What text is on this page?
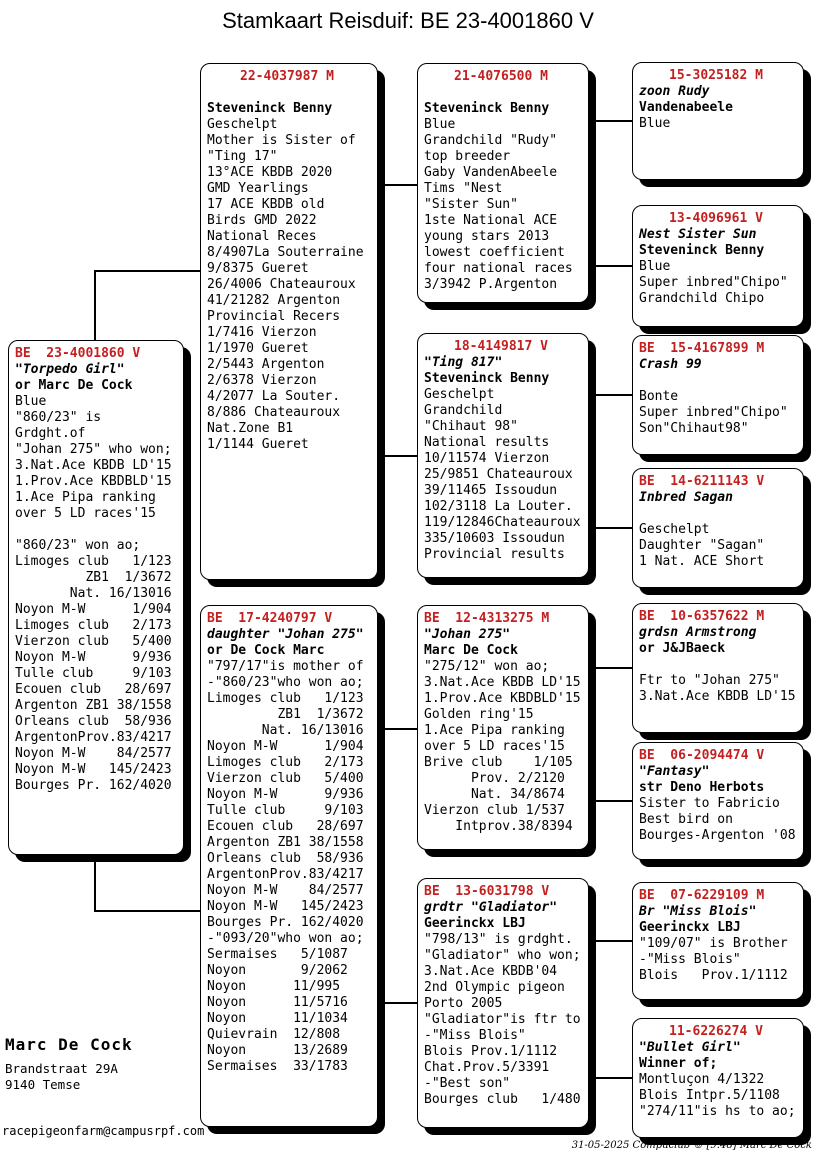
Stamkaart Reisduif: BE 23-4001860 V
BE  23-4001860 V
"Torpedo Girl"
or Marc De Cock
Blue
"860/23" is
Grdght.of
"Johan 275" who won;
3.Nat.Ace KBDB LD'15
1.Prov.Ace KBDBLD'15
1.Ace Pipa ranking
over 5 LD races'15

"860/23" won ao;
Limoges club   1/123
ZB1  1/3672
Nat. 16/13016
Noyon M-W      1/904
Limoges club   2/173
Vierzon club   5/400
Noyon M-W      9/936
Tulle club     9/103
Ecouen club   28/697
Argenton ZB1 38/1558
Orleans club  58/936
ArgentonProv.83/4217
Noyon M-W    84/2577
Noyon M-W   145/2423
Bourges Pr. 162/4020
22-4037987 M

Steveninck Benny
Geschelpt
Mother is Sister of
"Ting 17"
13°ACE KBDB 2020
GMD Yearlings
17 ACE KBDB old
Birds GMD 2022
National Reces
8/4907La Souterraine
9/8375 Gueret
26/4006 Chateauroux
41/21282 Argenton
Provincial Recers
1/7416 Vierzon
1/1970 Gueret
2/5443 Argenton
2/6378 Vierzon
4/2077 La Souter.
8/886 Chateauroux
Nat.Zone B1
1/1144 Gueret
BE  17-4240797 V
daughter "Johan 275"
or De Cock Marc
"797/17"is mother of
-"860/23"who won ao;
Limoges club   1/123
ZB1  1/3672
Nat. 16/13016
Noyon M-W      1/904
Limoges club   2/173
Vierzon club   5/400
Noyon M-W      9/936
Tulle club     9/103
Ecouen club   28/697
Argenton ZB1 38/1558
Orleans club  58/936
ArgentonProv.83/4217
Noyon M-W    84/2577
Noyon M-W   145/2423
Bourges Pr. 162/4020
-"093/20"who won ao;
Sermaises   5/1087
Noyon       9/2062
Noyon      11/995
Noyon      11/5716
Noyon      11/1034
Quievrain  12/808
Noyon      13/2689
Sermaises  33/1783
21-4076500 M

Steveninck Benny
Blue
Grandchild "Rudy"
top breeder
Gaby VandenAbeele
Tims "Nest
"Sister Sun"
1ste National ACE
young stars 2013
lowest coefficient
four national races
3/3942 P.Argenton
18-4149817 V
"Ting 817"
Steveninck Benny
Geschelpt
Grandchild
"Chihaut 98"
National results
10/11574 Vierzon
25/9851 Chateauroux
39/11465 Issoudun
102/3118 La Louter.
119/12846Chateauroux
335/10603 Issoudun
Provincial results
BE  12-4313275 M
"Johan 275"
Marc De Cock
"275/12" won ao;
3.Nat.Ace KBDB LD'15
1.Prov.Ace KBDBLD'15
Golden ring'15
1.Ace Pipa ranking
over 5 LD races'15
Brive club    1/105
Prov. 2/2120
Nat. 34/8674
Vierzon club 1/537
Intprov.38/8394
BE  13-6031798 V
grdtr "Gladiator"
Geerinckx LBJ
"798/13" is grdght.
"Gladiator" who won;
3.Nat.Ace KBDB'04
2nd Olympic pigeon
Porto 2005
"Gladiator"is ftr to
-"Miss Blois"
Blois Prov.1/1112
Chat.Prov.5/3391
-"Best son"
Bourges club   1/480
15-3025182 M
zoon Rudy
Vandenabeele
Blue
13-4096961 V
Nest Sister Sun
Steveninck Benny
Blue
Super inbred"Chipo"
Grandchild Chipo
BE  15-4167899 M
Crash 99

Bonte
Super inbred"Chipo"
Son"Chihaut98"
BE  14-6211143 V
Inbred Sagan

Geschelpt
Daughter "Sagan"
1 Nat. ACE Short
BE  10-6357622 M
grdsn Armstrong
or J&JBaeck

Ftr to "Johan 275"
3.Nat.Ace KBDB LD'15
BE  06-2094474 V
"Fantasy"
str Deno Herbots
Sister to Fabricio
Best bird on
Bourges-Argenton '08
BE  07-6229109 M
Br "Miss Blois"
Geerinckx LBJ
"109/07" is Brother
-"Miss Blois"
Blois   Prov.1/1112
11-6226274 V
"Bullet Girl"
Winner of;
Montluçon 4/1322
Blois Intpr.5/1108
"274/11"is hs to ao;
Marc De Cock
Brandstraat 29A
9140 Temse
racepigeonfarm@campusrpf.com
31-05-2025 Compuclub © [9.48] Marc De Cock
